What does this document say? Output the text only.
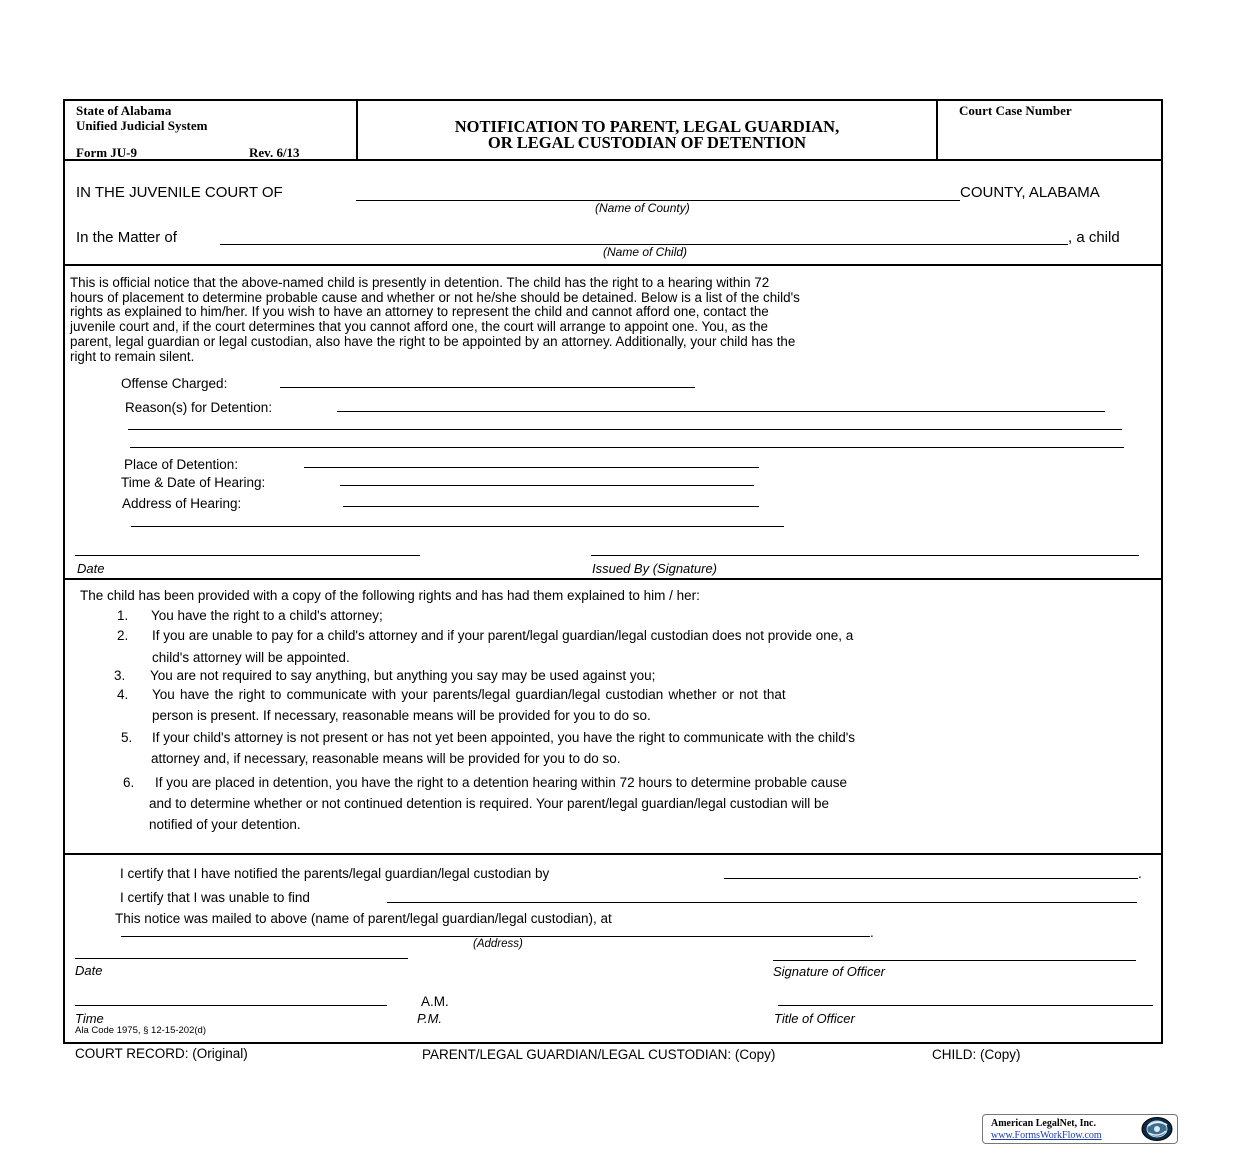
State of Alabama
Unified Judicial System
Form JU-9	Rev. 6/13
NOTIFICATION TO PARENT, LEGAL GUARDIAN,
OR LEGAL CUSTODIAN OF DETENTION
Court Case Number
IN THE JUVENILE COURT OF	COUNTY, ALABAMA
(Name of County)
In the Matter of	, a child
(Name of Child)
This is official notice that the above-named child is presently in detention. The child has the right to a hearing within 72
hours of placement to determine probable cause and whether or not he/she should be detained. Below is a list of the child's
rights as explained to him/her. If you wish to have an attorney to represent the child and cannot afford one, contact the
juvenile court and, if the court determines that you cannot afford one, the court will arrange to appoint one. You, as the
parent, legal guardian or legal custodian, also have the right to be appointed by an attorney. Additionally, your child has the
right to remain silent.
Offense Charged:
Reason(s) for Detention:
Place of Detention:
Time & Date of Hearing:
Address of Hearing:
Date	Issued By (Signature)
The child has been provided with a copy of the following rights and has had them explained to him / her:
1. You have the right to a child's attorney;
2. If you are unable to pay for a child's attorney and if your parent/legal guardian/legal custodian does not provide one, a
child's attorney will be appointed.
3. You are not required to say anything, but anything you say may be used against you;
4. You have the right to communicate with your parents/legal guardian/legal custodian whether or not that
person is present. If necessary, reasonable means will be provided for you to do so.
5. If your child's attorney is not present or has not yet been appointed, you have the right to communicate with the child's
attorney and, if necessary, reasonable means will be provided for you to do so.
6. If you are placed in detention, you have the right to a detention hearing within 72 hours to determine probable cause
and to determine whether or not continued detention is required. Your parent/legal guardian/legal custodian will be
notified of your detention.
I certify that I have notified the parents/legal guardian/legal custodian by	.
I certify that I was unable to find
This notice was mailed to above (name of parent/legal guardian/legal custodian), at
.
(Address)
Date	Signature of Officer
A.M.
P.M.
Time	Title of Officer
Ala Code 1975, § 12-15-202(d)
COURT RECORD: (Original)	PARENT/LEGAL GUARDIAN/LEGAL CUSTODIAN: (Copy)	CHILD: (Copy)
American LegalNet, Inc.
www.FormsWorkFlow.com
